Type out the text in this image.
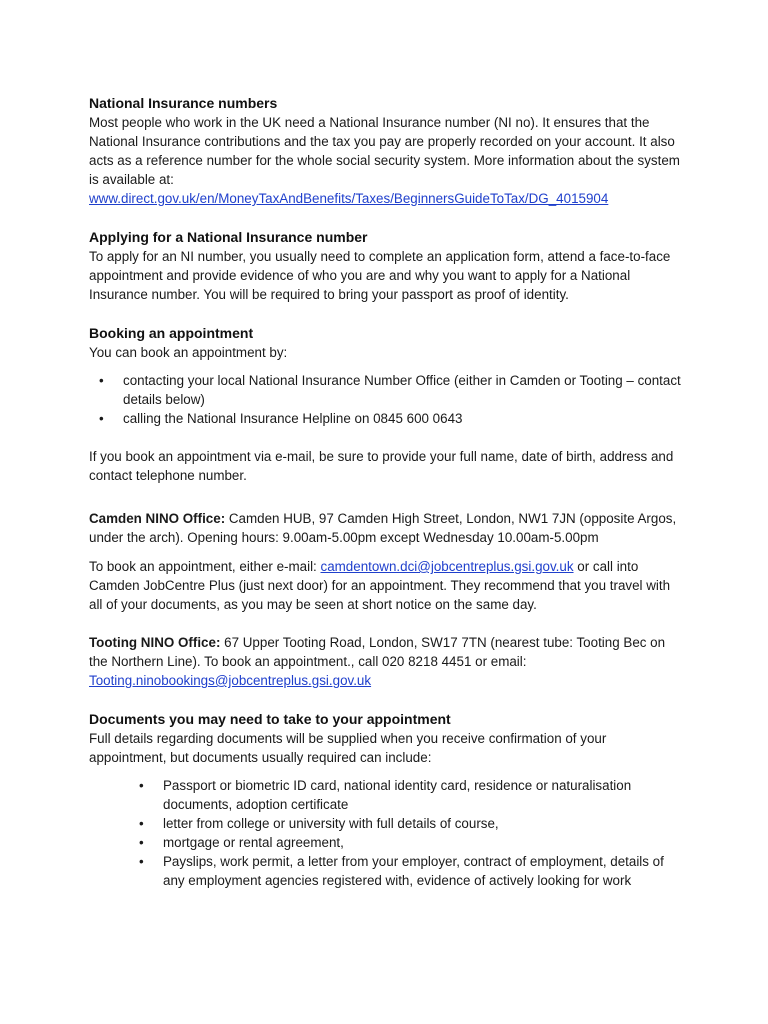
National Insurance numbers

Most people who work in the UK need a National Insurance number (NI no). It ensures that the National Insurance contributions and the tax you pay are properly recorded on your account. It also acts as a reference number for the whole social security system. More information about the system is available at:

www.direct.gov.uk/en/MoneyTaxAndBenefits/Taxes/BeginnersGuideToTax/DG_4015904

Applying for a National Insurance number

To apply for an NI number, you usually need to complete an application form, attend a face-to-face appointment and provide evidence of who you are and why you want to apply for a National Insurance number. You will be required to bring your passport as proof of identity.

Booking an appointment

You can book an appointment by:

• contacting your local National Insurance Number Office (either in Camden or Tooting – contact details below)
• calling the National Insurance Helpline on 0845 600 0643

If you book an appointment via e-mail, be sure to provide your full name, date of birth, address and contact telephone number.

Camden NINO Office: Camden HUB, 97 Camden High Street, London, NW1 7JN (opposite Argos, under the arch). Opening hours: 9.00am-5.00pm except Wednesday 10.00am-5.00pm

To book an appointment, either e-mail: camdentown.dci@jobcentreplus.gsi.gov.uk or call into Camden JobCentre Plus (just next door) for an appointment. They recommend that you travel with all of your documents, as you may be seen at short notice on the same day.

Tooting NINO Office: 67 Upper Tooting Road, London, SW17 7TN (nearest tube: Tooting Bec on the Northern Line). To book an appointment., call 020 8218 4451 or email: Tooting.ninobookings@jobcentreplus.gsi.gov.uk

Documents you may need to take to your appointment

Full details regarding documents will be supplied when you receive confirmation of your appointment, but documents usually required can include:

• Passport or biometric ID card, national identity card, residence or naturalisation documents, adoption certificate
• letter from college or university with full details of course,
• mortgage or rental agreement,
• Payslips, work permit, a letter from your employer, contract of employment, details of any employment agencies registered with, evidence of actively looking for work
